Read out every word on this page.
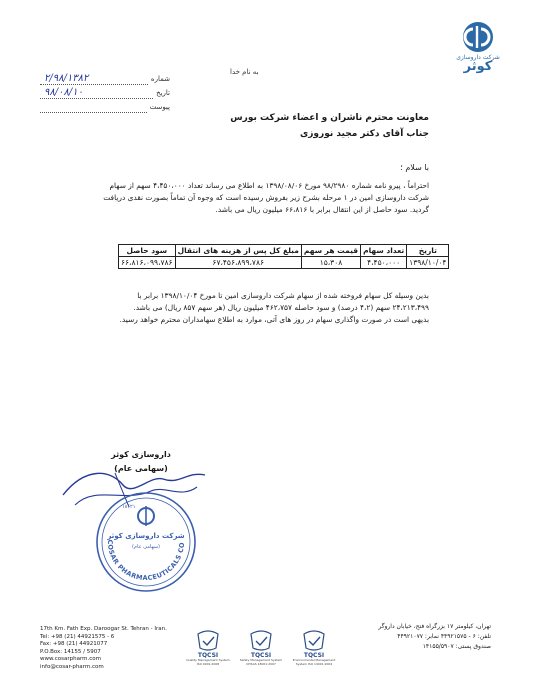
شرکت داروسازی
کوثر
شماره
۲/۹۸/۱۳۸۲
تاریخ
۹۸/۰۸/۱۰
پیوست
به نام خدا
معاونت محترم ناشران و اعضاء شرکت بورس
جناب آقای دکتر مجید نوروزی
با سلام ؛
احتراماً ، پیرو نامه شماره ۹۸/۲۹۸۰ مورخ ۱۳۹۸/۰۸/۰۶ به اطلاع می رساند تعداد ۴،۴۵۰،۰۰۰ سهم از سهام شرکت داروسازی امین در ۱ مرحله بشرح زیر بفروش رسیده است که وجوه آن تماماً بصورت نقدی دریافت گردید. سود حاصل از این انتقال برابر با ۶۶،۸۱۶ میلیون ریال می باشد.
تاریخ	تعداد سهام	قیمت هر سهم	مبلغ کل پس از هزینه های انتقال	سود حاصل
۱۳۹۸/۱۰/۰۴	۴،۴۵۰،۰۰۰	۱۵،۳۰۸	۶۷،۴۵۶،۸۹۹،۷۸۶	۶۶،۸۱۶،۰۹۹،۷۸۶
بدین وسیله کل سهام فروخته شده از سهام شرکت داروسازی امین تا مورخ ۱۳۹۸/۱۰/۰۴ برابر با ۲۴،۲۱۳،۴۹۹ سهم (۴،۲ درصد) و سود حاصله ۴۶۲،۷۵۷ میلیون ریال (هر سهم ۸۵۷ ریال) می باشد.
بدیهی است در صورت واگذاری سهام در روز های آتی، موارد به اطلاع سهامداران محترم خواهد رسید.
داروسازی کوثر
(سهامی عام)
۱۸۶۲۱
شرکت داروسازی کوثر
(سهامی عام)
COSAR PHARMACEUTICALS CO
17th Km. Fath Exp. Daroogar St. Tehran - Iran.
Tel: +98 (21) 44921575 - 6
Fax: +98 (21) 44921077
P.O.Box: 14155 / 5907
www.cosarpharm.com
info@cosar-pharm.com
TQCSI
Quality Management System ISO 9001:2008
TQCSI
Safety Management System OHSAS 18001:2007
TQCSI
Environmental Management System ISO 14001:2004
تهران، کیلومتر ۱۷ بزرگراه فتح، خیابان داروگر
تلفن: ۶ - ۴۴۹۲۱۵۷۵ نمابر: ۴۴۹۲۱۰۷۷
صندوق پستی: ۱۴۱۵۵/۵۹۰۷
